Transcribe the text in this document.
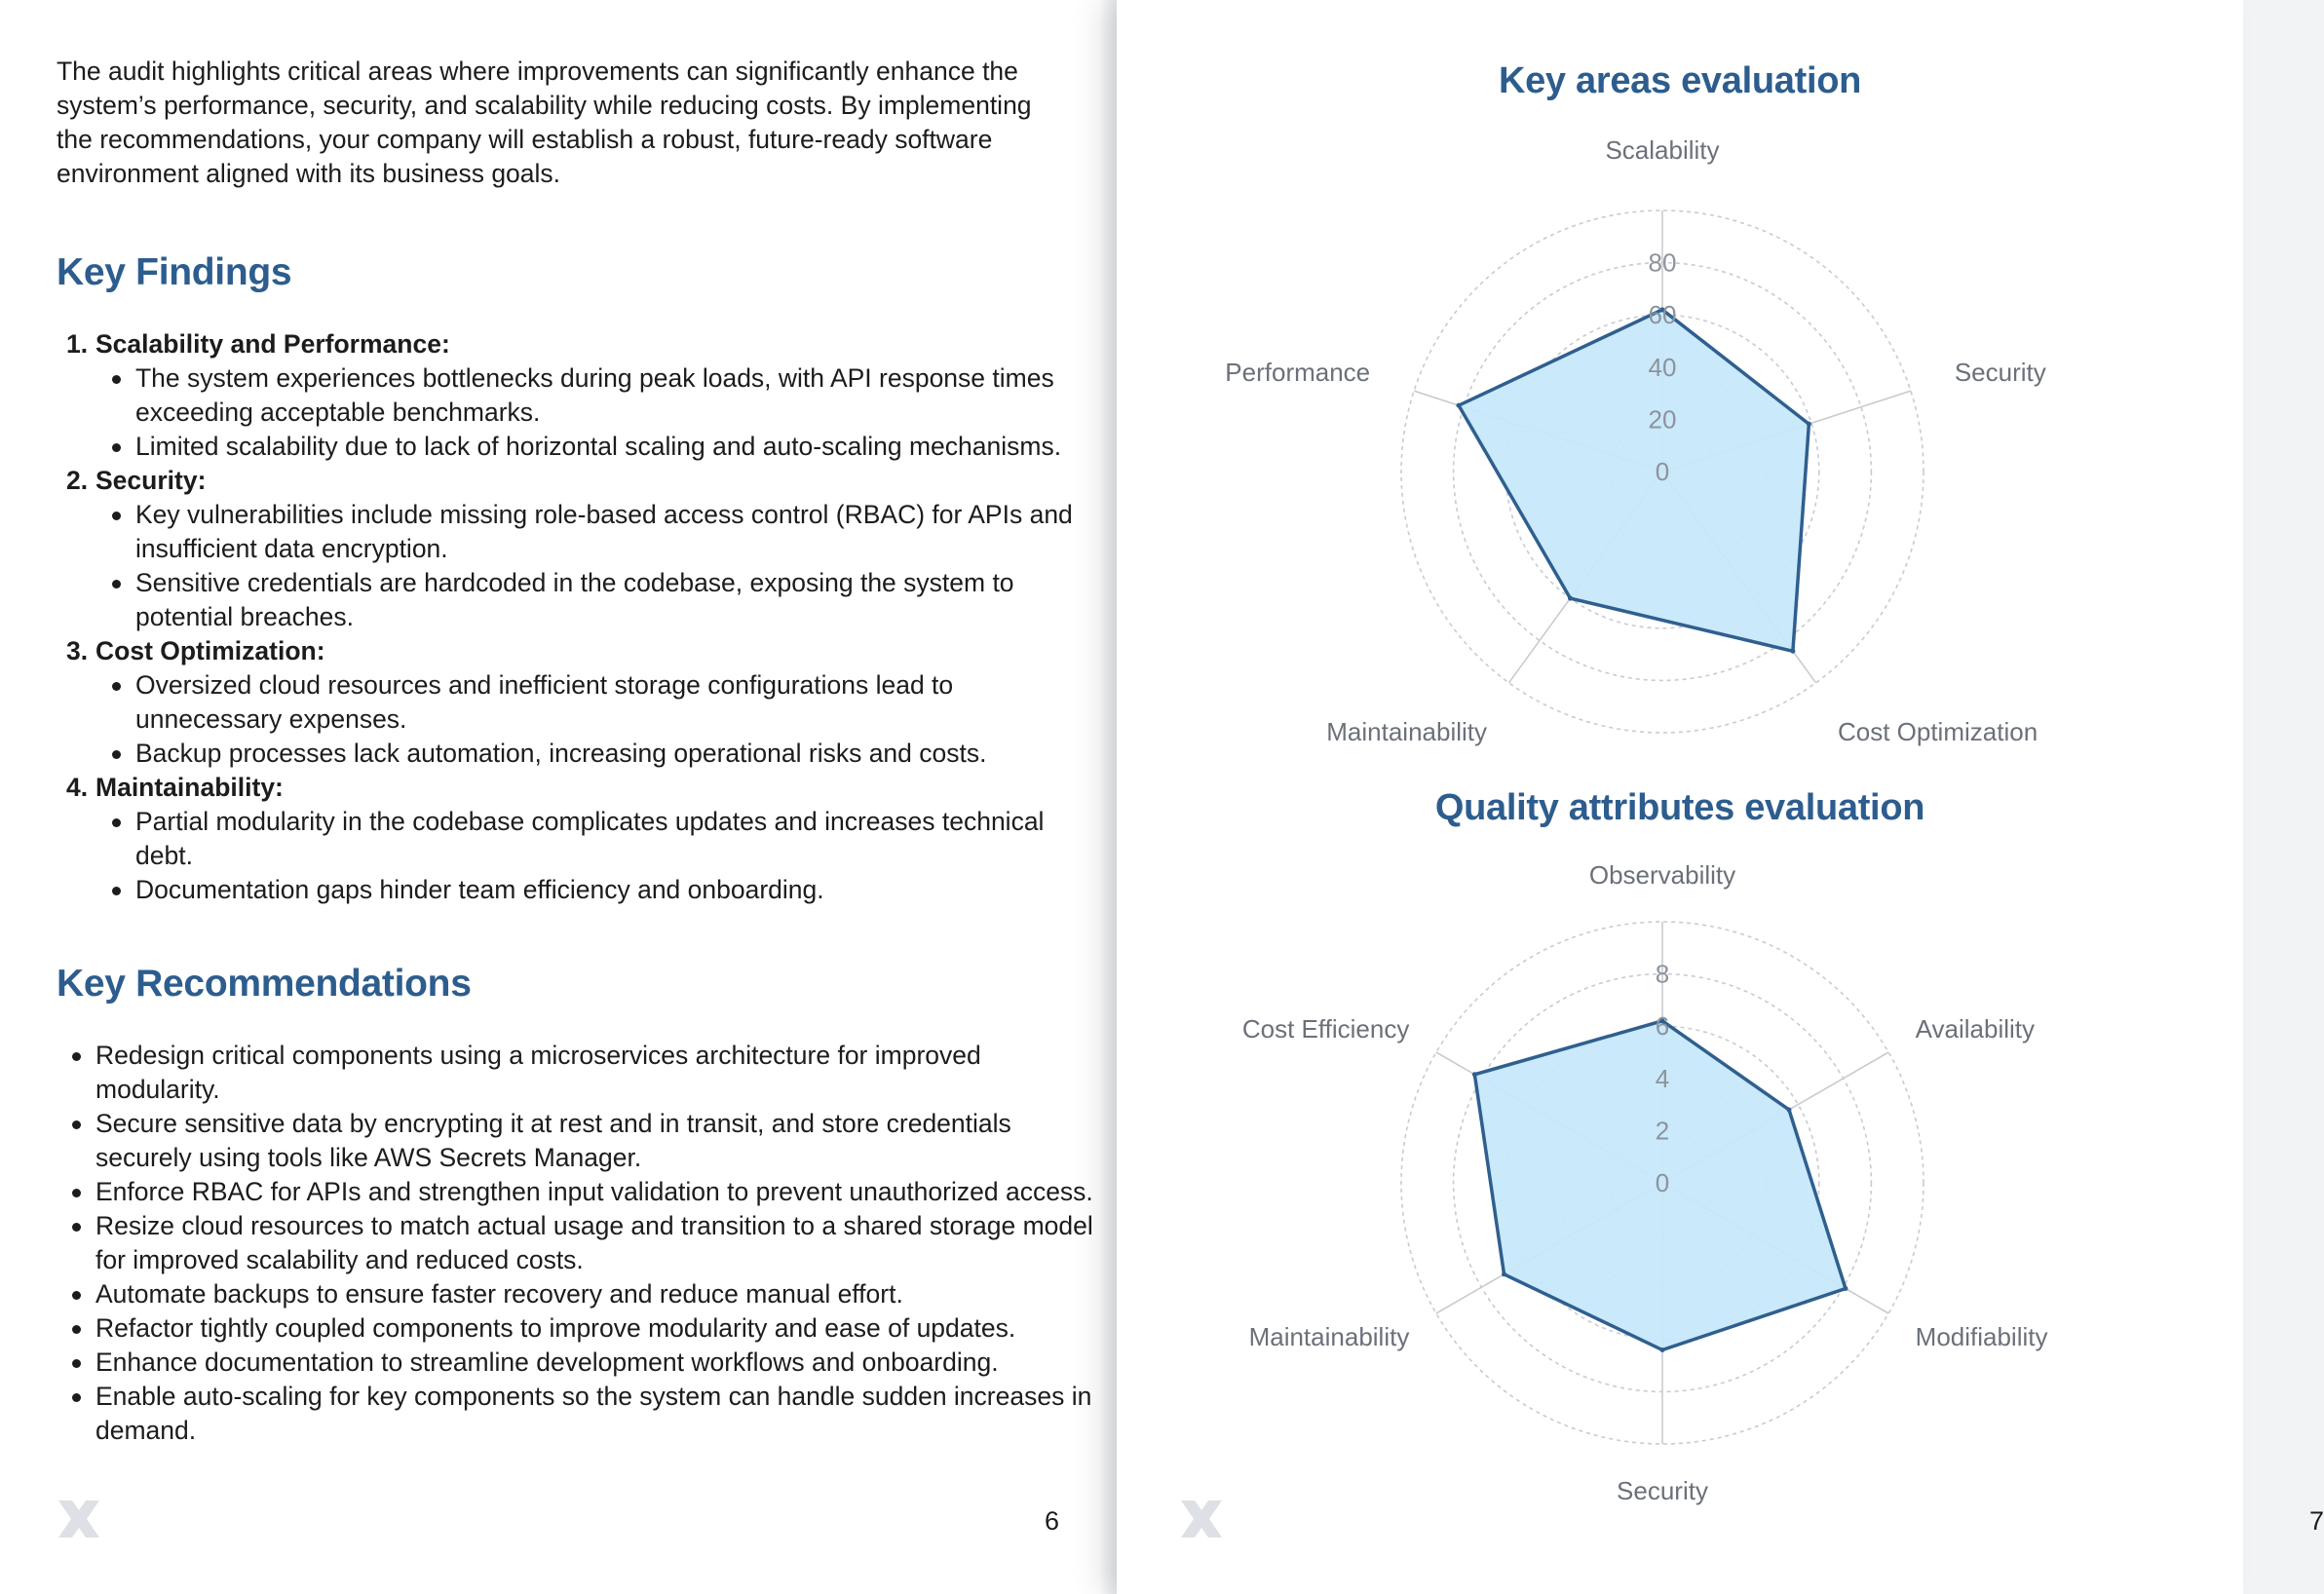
The audit highlights critical areas where improvements can significantly enhance the system’s performance, security, and scalability while reducing costs. By implementing the recommendations, your company will establish a robust, future-ready software environment aligned with its business goals.

Key Findings
1. Scalability and Performance:
The system experiences bottlenecks during peak loads, with API response times exceeding acceptable benchmarks.
Limited scalability due to lack of horizontal scaling and auto-scaling mechanisms.
2. Security:
Key vulnerabilities include missing role-based access control (RBAC) for APIs and insufficient data encryption.
Sensitive credentials are hardcoded in the codebase, exposing the system to potential breaches.
3. Cost Optimization:
Oversized cloud resources and inefficient storage configurations lead to unnecessary expenses.
Backup processes lack automation, increasing operational risks and costs.
4. Maintainability:
Partial modularity in the codebase complicates updates and increases technical debt.
Documentation gaps hinder team efficiency and onboarding.
Key Recommendations
Redesign critical components using a microservices architecture for improved modularity.
Secure sensitive data by encrypting it at rest and in transit, and store credentials securely using tools like AWS Secrets Manager.
Enforce RBAC for APIs and strengthen input validation to prevent unauthorized access.
Resize cloud resources to match actual usage and transition to a shared storage model for improved scalability and reduced costs.
Automate backups to ensure faster recovery and reduce manual effort.
Refactor tightly coupled components to improve modularity and ease of updates.
Enhance documentation to streamline development workflows and onboarding.
Enable auto-scaling for key components so the system can handle sudden increases in demand.
6
Key areas evaluation
0
20
40
60
80
Scalability
Security
Cost Optimization
Maintainability
Performance
Quality attributes evaluation
0
2
4
6
8
Observability
Availability
Modifiability
Security
Maintainability
Cost Efficiency
7
